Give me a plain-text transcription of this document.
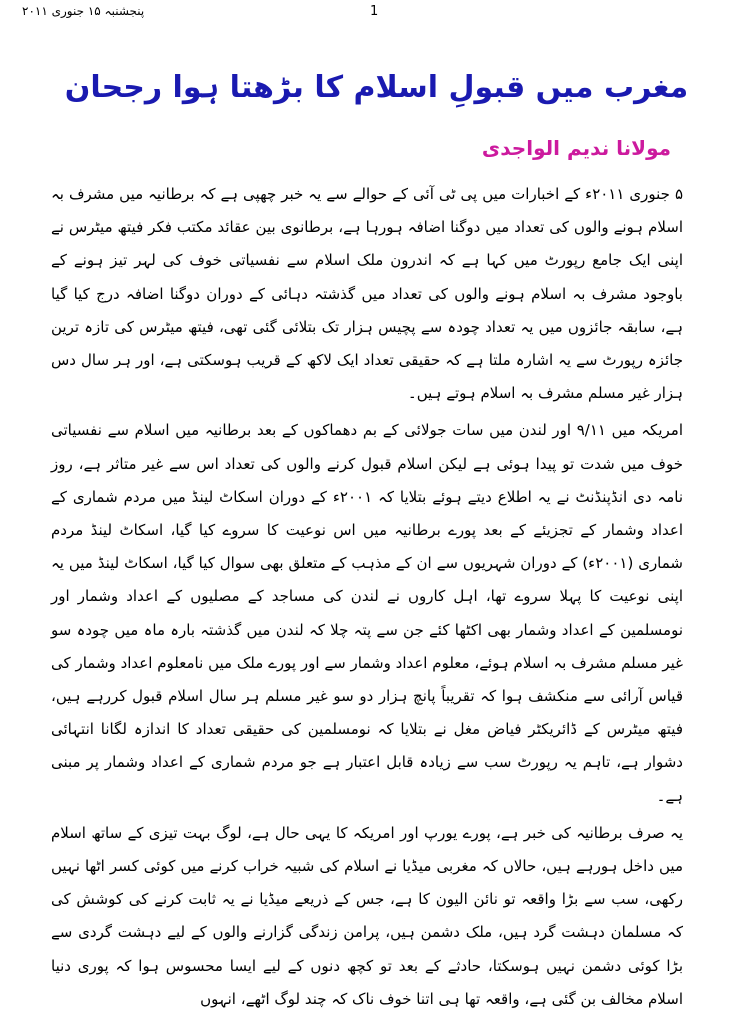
پنجشنبہ ۱۵ جنوری ۲۰۱۱	1
مغرب میں قبولِ اسلام کا بڑھتا ہوا رجحان
مولانا ندیم الواجدی

۵ جنوری ۲۰۱۱ء کے اخبارات میں پی ٹی آئی کے حوالے سے یہ خبر چھپی ہے کہ برطانیہ میں مشرف بہ اسلام ہونے والوں کی تعداد میں دوگنا اضافہ ہورہا ہے، برطانوی بین عقائد مکتب فکر فیتھ میٹرس نے اپنی ایک جامع رپورٹ میں کہا ہے کہ اندرون ملک اسلام سے نفسیاتی خوف کی لہر تیز ہونے کے باوجود مشرف بہ اسلام ہونے والوں کی تعداد میں گذشتہ دہائی کے دوران دوگنا اضافہ درج کیا گیا ہے، سابقہ جائزوں میں یہ تعداد چودہ سے پچیس ہزار تک بتلائی گئی تھی، فیتھ میٹرس کی تازہ ترین جائزہ رپورٹ سے یہ اشارہ ملتا ہے کہ حقیقی تعداد ایک لاکھ کے قریب ہوسکتی ہے، اور ہر سال دس ہزار غیر مسلم مشرف بہ اسلام ہوتے ہیں۔

امریکہ میں ۹/۱۱ اور لندن میں سات جولائی کے بم دھماکوں کے بعد برطانیہ میں اسلام سے نفسیاتی خوف میں شدت تو پیدا ہوئی ہے لیکن اسلام قبول کرنے والوں کی تعداد اس سے غیر متاثر ہے، روز نامہ دی انڈپنڈنٹ نے یہ اطلاع دیتے ہوئے بتلایا کہ ۲۰۰۱ء کے دوران اسکاٹ لینڈ میں مردم شماری کے اعداد وشمار کے تجزیئے کے بعد پورے برطانیہ میں اس نوعیت کا سروے کیا گیا، اسکاٹ لینڈ مردم شماری (۲۰۰۱ء) کے دوران شہریوں سے ان کے مذہب کے متعلق بھی سوال کیا گیا، اسکاٹ لینڈ میں یہ اپنی نوعیت کا پہلا سروے تھا، اہل کاروں نے لندن کی مساجد کے مصلیوں کے اعداد وشمار اور نومسلمین کے اعداد وشمار بھی اکٹھا کئے جن سے پتہ چلا کہ لندن میں گذشتہ بارہ ماہ میں چودہ سو غیر مسلم مشرف بہ اسلام ہوئے، معلوم اعداد وشمار سے اور پورے ملک میں نامعلوم اعداد وشمار کی قیاس آرائی سے منکشف ہوا کہ تقریباً پانچ ہزار دو سو غیر مسلم ہر سال اسلام قبول کررہے ہیں، فیتھ میٹرس کے ڈائریکٹر فیاض مغل نے بتلایا کہ نومسلمین کی حقیقی تعداد کا اندازہ لگانا انتہائی دشوار ہے، تاہم یہ رپورٹ سب سے زیادہ قابل اعتبار ہے جو مردم شماری کے اعداد وشمار پر مبنی ہے۔

یہ صرف برطانیہ کی خبر ہے، پورے یورپ اور امریکہ کا یہی حال ہے، لوگ بہت تیزی کے ساتھ اسلام میں داخل ہورہے ہیں، حالاں کہ مغربی میڈیا نے اسلام کی شبیہ خراب کرنے میں کوئی کسر اٹھا نہیں رکھی، سب سے بڑا واقعہ تو نائن الیون کا ہے، جس کے ذریعے میڈیا نے یہ ثابت کرنے کی کوشش کی کہ مسلمان دہشت گرد ہیں، ملک دشمن ہیں، پرامن زندگی گزارنے والوں کے لیے دہشت گردی سے بڑا کوئی دشمن نہیں ہوسکتا، حادثے کے بعد تو کچھ دنوں کے لیے ایسا محسوس ہوا کہ پوری دنیا اسلام مخالف بن گئی ہے، واقعہ تھا ہی اتنا خوف ناک کہ چند لوگ اٹھے، انہوں
